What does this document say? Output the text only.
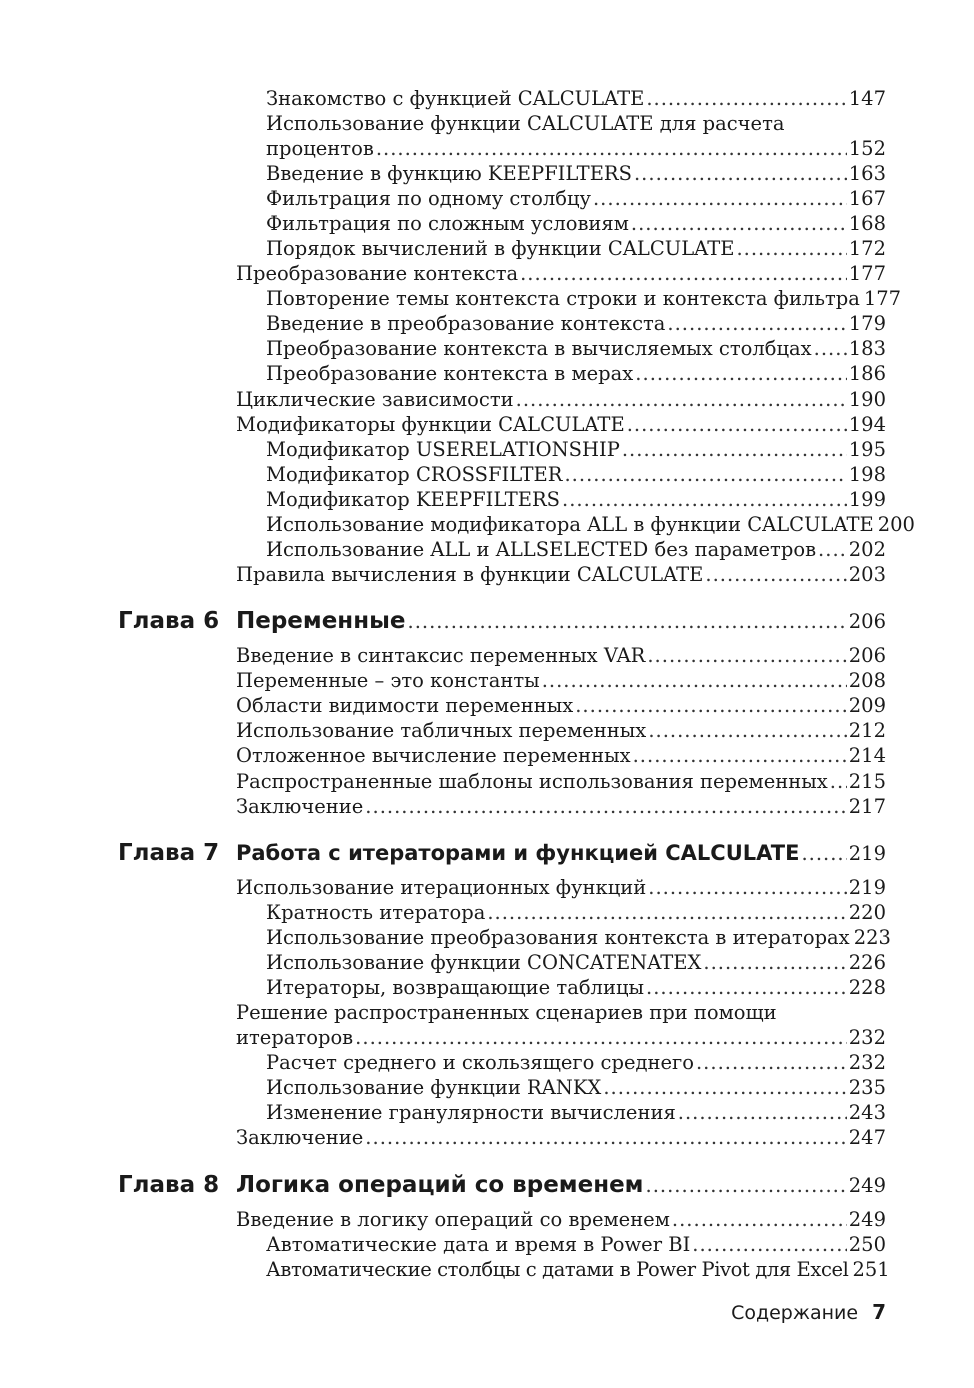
Знакомство с функцией CALCULATE .....	147
Использование функции CALCULATE для расчета
процентов .....	152
Введение в функцию KEEPFILTERS .....	163
Фильтрация по одному столбцу .....	167
Фильтрация по сложным условиям .....	168
Порядок вычислений в функции CALCULATE .....	172
Преобразование контекста .....	177
Повторение темы контекста строки и контекста фильтра 177
Введение в преобразование контекста .....	179
Преобразование контекста в вычисляемых столбцах ..... 183
Преобразование контекста в мерах .....	186
Циклические зависимости .....	190
Модификаторы функции CALCULATE .....	194
Модификатор USERELATIONSHIP .....	195
Модификатор CROSSFILTER .....	198
Модификатор KEEPFILTERS .....	199
Использование модификатора ALL в функции CALCULATE 200
Использование ALL и ALLSELECTED без параметров ..... 202
Правила вычисления в функции CALCULATE .....	203
Глава 6 Переменные .....	206
Введение в синтаксис переменных VAR .....	206
Переменные – это константы .....	208
Области видимости переменных .....	209
Использование табличных переменных .....	212
Отложенное вычисление переменных .....	214
Распространенные шаблоны использования переменных ..... 215
Заключение .....	217
Глава 7 Работа с итераторами и функцией CALCULATE .....	219
Использование итерационных функций .....	219
Кратность итератора .....	220
Использование преобразования контекста в итераторах 223
Использование функции CONCATENATEX .....	226
Итераторы, возвращающие таблицы .....	228
Решение распространенных сценариев при помощи
итераторов .....	232
Расчет среднего и скользящего среднего .....	232
Использование функции RANKX .....	235
Изменение гранулярности вычисления .....	243
Заключение .....	247
Глава 8 Логика операций со временем .....	249
Введение в логику операций со временем .....	249
Автоматические дата и время в Power BI .....	250
Автоматические столбцы с датами в Power Pivot для Excel 251
Содержание 7
